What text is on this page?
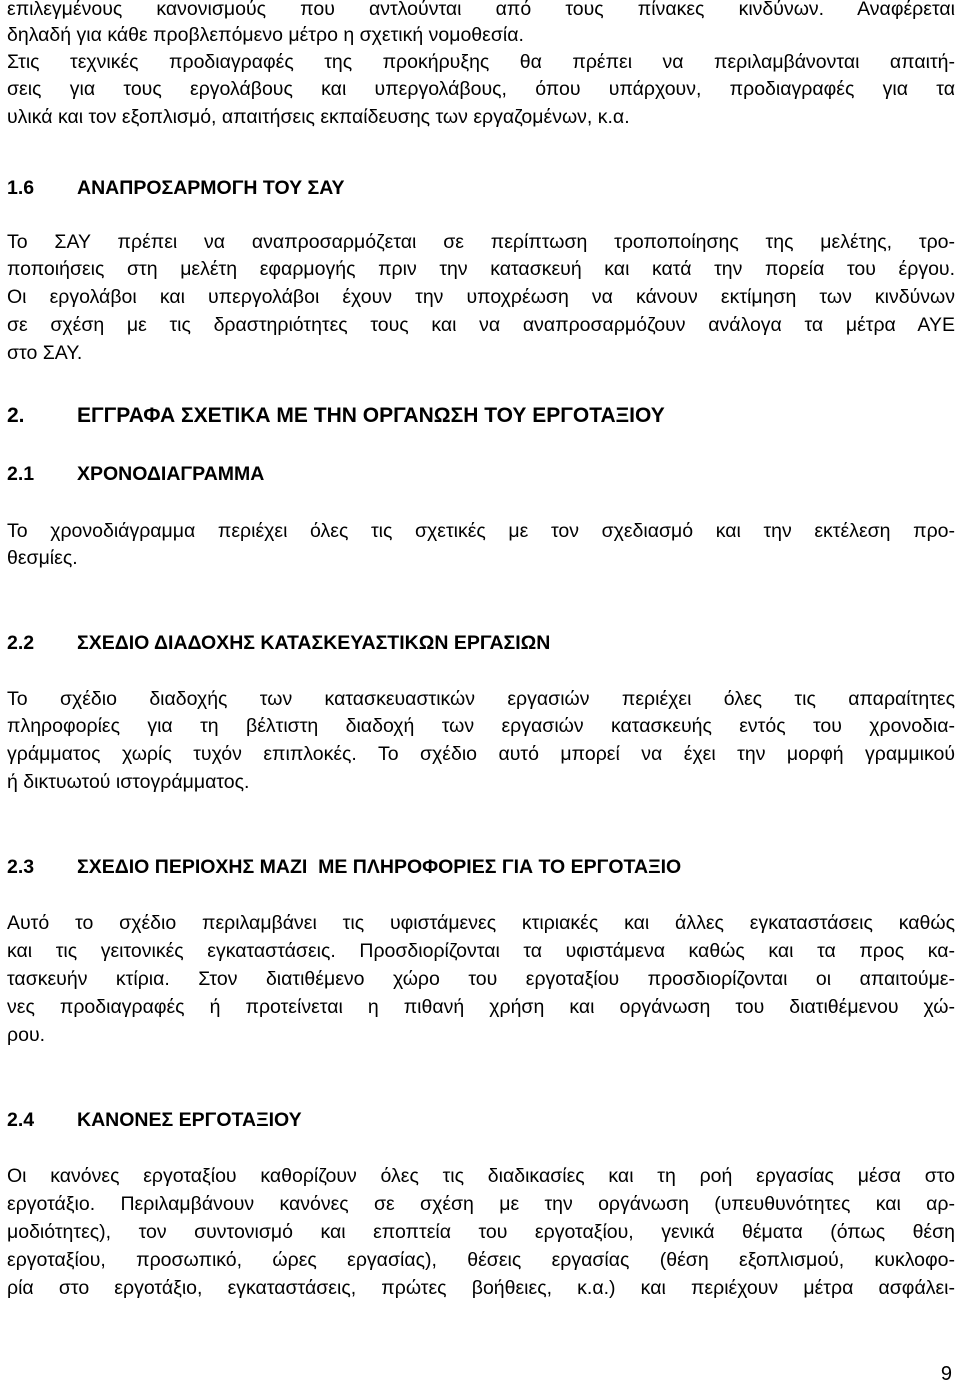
επιλεγμένους κανονισμούς που αντλούνται από τους πίνακες κινδύνων. Αναφέρεται
δηλαδή για κάθε προβλεπόμενο μέτρο η σχετική νομοθεσία.
Στις τεχνικές προδιαγραφές της προκήρυξης θα πρέπει να περιλαμβάνονται απαιτή-
σεις για τους εργολάβους και υπεργολάβους, όπου υπάρχουν, προδιαγραφές για τα
υλικά και τον εξοπλισμό, απαιτήσεις εκπαίδευσης των εργαζομένων, κ.α.
1.6 ΑΝΑΠΡΟΣΑΡΜΟΓΗ ΤΟΥ ΣΑΥ
Το ΣΑΥ πρέπει να αναπροσαρμόζεται σε περίπτωση τροποποίησης της μελέτης, τρο-
ποποιήσεις στη μελέτη εφαρμογής πριν την κατασκευή και κατά την πορεία του έργου.
Οι εργολάβοι και υπεργολάβοι έχουν την υποχρέωση να κάνουν εκτίμηση των κινδύνων
σε σχέση με τις δραστηριότητες τους και να αναπροσαρμόζουν ανάλογα τα μέτρα ΑΥΕ
στο ΣΑΥ.
2. ΕΓΓΡΑΦΑ ΣΧΕΤΙΚΑ ΜΕ ΤΗΝ ΟΡΓΑΝΩΣΗ ΤΟΥ ΕΡΓΟΤΑΞΙΟΥ
2.1 ΧΡΟΝΟΔΙΑΓΡΑΜΜΑ
Το χρονοδιάγραμμα περιέχει όλες τις σχετικές με τον σχεδιασμό και την εκτέλεση προ-
θεσμίες.
2.2 ΣΧΕΔΙΟ ΔΙΑΔΟΧΗΣ ΚΑΤΑΣΚΕΥΑΣΤΙΚΩΝ ΕΡΓΑΣΙΩΝ
Το σχέδιο διαδοχής των κατασκευαστικών εργασιών περιέχει όλες τις απαραίτητες
πληροφορίες για τη βέλτιστη διαδοχή των εργασιών κατασκευής εντός του χρονοδια-
γράμματος χωρίς τυχόν επιπλοκές. Το σχέδιο αυτό μπορεί να έχει την μορφή γραμμικού
ή δικτυωτού ιστογράμματος.
2.3 ΣΧΕΔΙΟ ΠΕΡΙΟΧΗΣ ΜΑΖΙ  ΜΕ ΠΛΗΡΟΦΟΡΙΕΣ ΓΙΑ ΤΟ ΕΡΓΟΤΑΞΙΟ
Αυτό το σχέδιο περιλαμβάνει τις υφιστάμενες κτιριακές και άλλες εγκαταστάσεις καθώς
και τις γειτονικές εγκαταστάσεις. Προσδιορίζονται τα υφιστάμενα καθώς και τα προς κα-
τασκευήν κτίρια. Στον διατιθέμενο χώρο του εργοταξίου προσδιορίζονται οι απαιτούμε-
νες προδιαγραφές ή προτείνεται η πιθανή χρήση και οργάνωση του διατιθέμενου χώ-
ρου.
2.4 ΚΑΝΟΝΕΣ ΕΡΓΟΤΑΞΙΟΥ
Οι κανόνες εργοταξίου καθορίζουν όλες τις διαδικασίες και τη ροή εργασίας μέσα στο
εργοτάξιο. Περιλαμβάνουν κανόνες σε σχέση με την οργάνωση (υπευθυνότητες και αρ-
μοδιότητες), τον συντονισμό και εποπτεία του εργοταξίου, γενικά θέματα (όπως θέση
εργοταξίου, προσωπικό, ώρες εργασίας), θέσεις εργασίας (θέση εξοπλισμού, κυκλοφο-
ρία στο εργοτάξιο, εγκαταστάσεις, πρώτες βοήθειες, κ.α.) και περιέχουν μέτρα ασφάλει-
9
